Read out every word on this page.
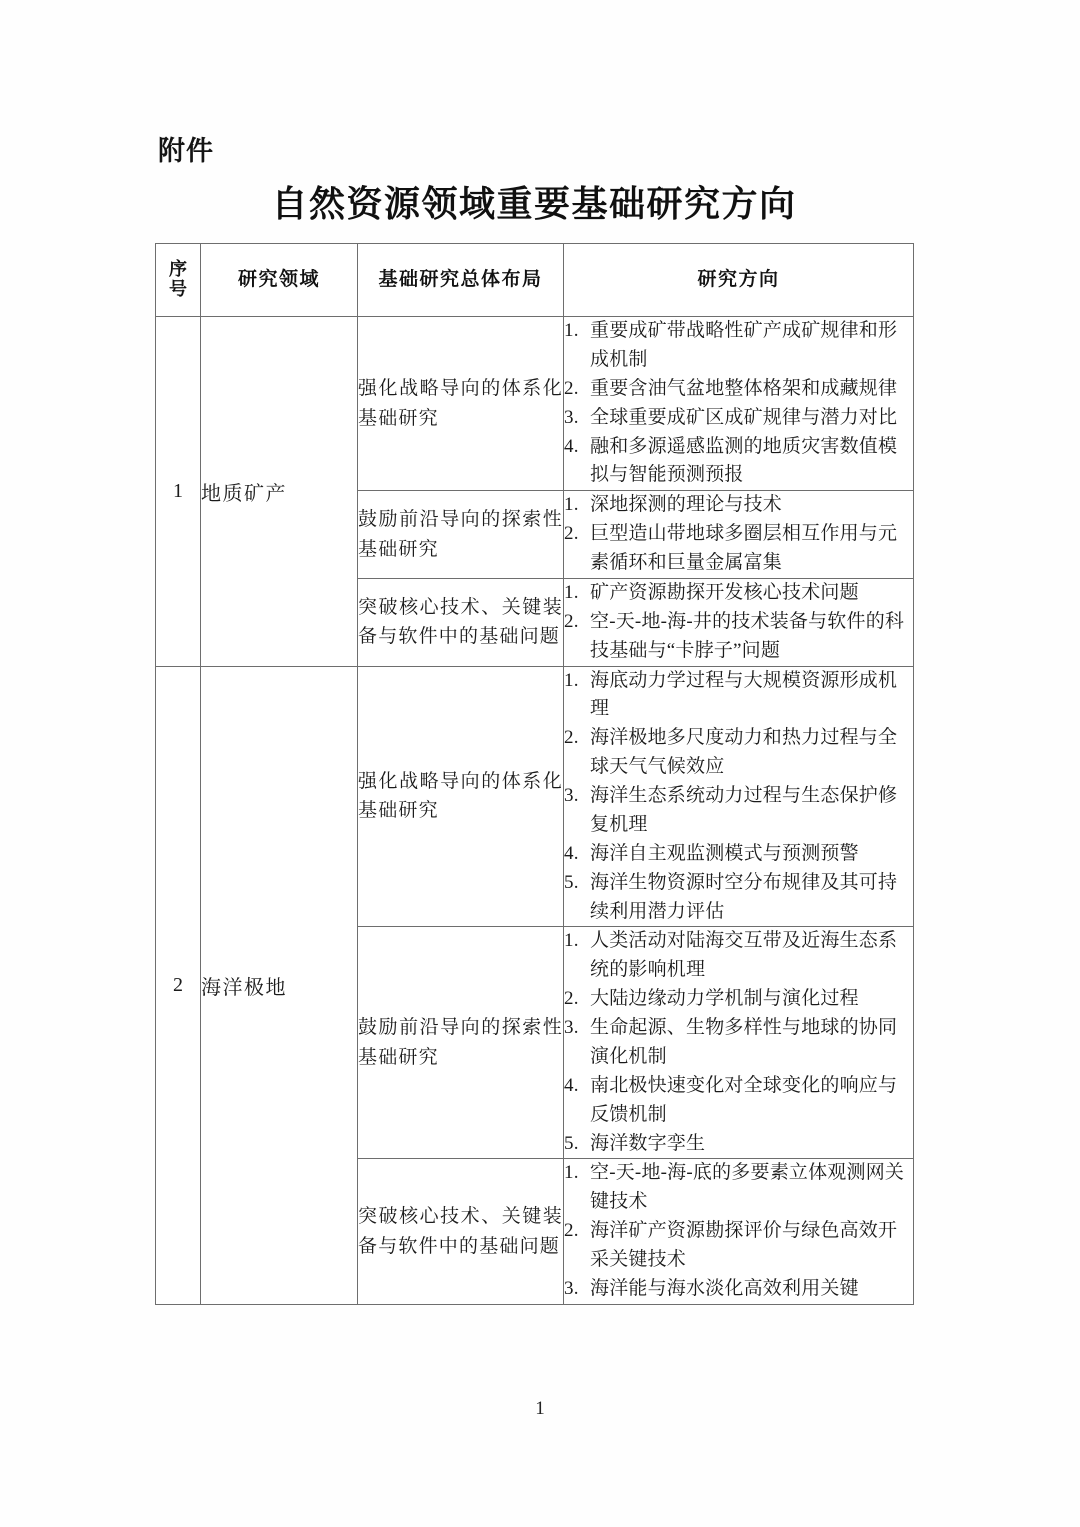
附件
自然资源领域重要基础研究方向
序
号	研究领域	基础研究总体布局	研究方向
1	地质矿产	强化战略导向的体系化基础研究	
1. 重要成矿带战略性矿产成矿规律和形成机制
2. 重要含油气盆地整体格架和成藏规律
3. 全球重要成矿区成矿规律与潜力对比
4. 融和多源遥感监测的地质灾害数值模拟与智能预测预报

鼓励前沿导向的探索性基础研究	
1. 深地探测的理论与技术
2. 巨型造山带地球多圈层相互作用与元素循环和巨量金属富集

突破核心技术、关键装备与软件中的基础问题	
1. 矿产资源勘探开发核心技术问题
2. 空-天-地-海-井的技术装备与软件的科技基础与“卡脖子”问题

2	海洋极地	强化战略导向的体系化基础研究	
1. 海底动力学过程与大规模资源形成机理
2. 海洋极地多尺度动力和热力过程与全球天气气候效应
3. 海洋生态系统动力过程与生态保护修复机理
4. 海洋自主观监测模式与预测预警
5. 海洋生物资源时空分布规律及其可持续利用潜力评估

鼓励前沿导向的探索性基础研究	
1. 人类活动对陆海交互带及近海生态系统的影响机理
2. 大陆边缘动力学机制与演化过程
3. 生命起源、生物多样性与地球的协同演化机制
4. 南北极快速变化对全球变化的响应与反馈机制
5. 海洋数字孪生

突破核心技术、关键装备与软件中的基础问题	
1. 空-天-地-海-底的多要素立体观测网关键技术
2. 海洋矿产资源勘探评价与绿色高效开采关键技术
3. 海洋能与海水淡化高效利用关键
1
